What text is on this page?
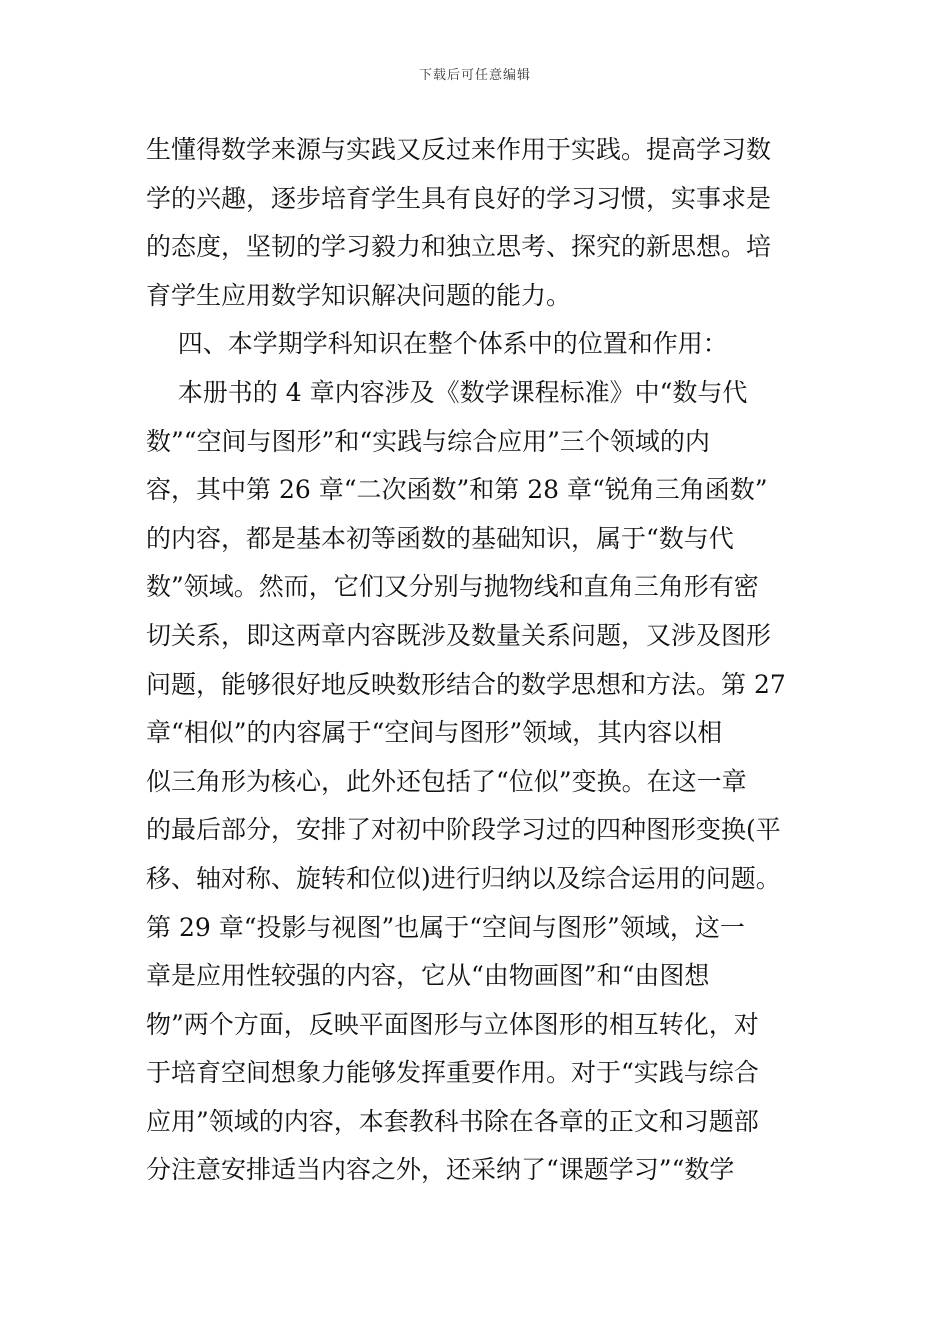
下载后可任意编辑
生懂得数学来源与实践又反过来作用于实践。提高学习数
学的兴趣，逐步培育学生具有良好的学习习惯，实事求是
的态度，坚韧的学习毅力和独立思考、探究的新思想。培
育学生应用数学知识解决问题的能力。
四、本学期学科知识在整个体系中的位置和作用：
本册书的 4 章内容涉及《数学课程标准》中“数与代
数”“空间与图形”和“实践与综合应用”三个领域的内
容，其中第 26 章“二次函数”和第 28 章“锐角三角函数”
的内容，都是基本初等函数的基础知识，属于“数与代
数”领域。然而，它们又分别与抛物线和直角三角形有密
切关系，即这两章内容既涉及数量关系问题，又涉及图形
问题，能够很好地反映数形结合的数学思想和方法。第 27
章“相似”的内容属于“空间与图形”领域，其内容以相
似三角形为核心，此外还包括了“位似”变换。在这一章
的最后部分，安排了对初中阶段学习过的四种图形变换(平
移、轴对称、旋转和位似)进行归纳以及综合运用的问题。
第 29 章“投影与视图”也属于“空间与图形”领域，这一
章是应用性较强的内容，它从“由物画图”和“由图想
物”两个方面，反映平面图形与立体图形的相互转化，对
于培育空间想象力能够发挥重要作用。对于“实践与综合
应用”领域的内容，本套教科书除在各章的正文和习题部
分注意安排适当内容之外，还采纳了“课题学习”“数学
